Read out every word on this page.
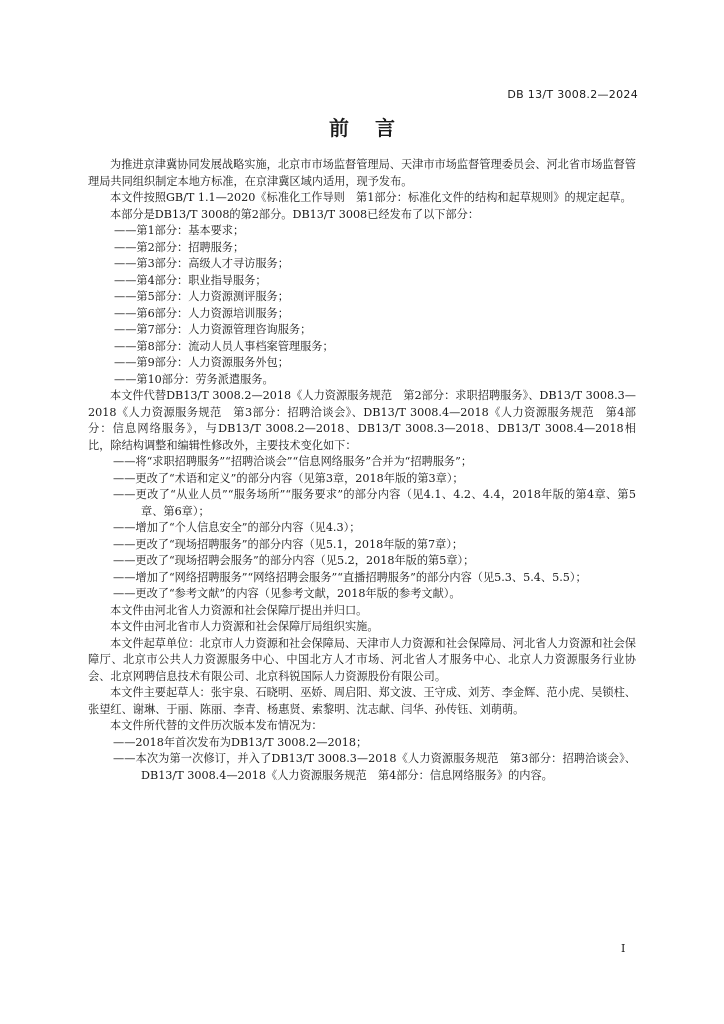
DB 13/T 3008.2—2024
前言
为推进京津冀协同发展战略实施，北京市市场监督管理局、天津市市场监督管理委员会、河北省市场监督管理局共同组织制定本地方标准，在京津冀区域内适用，现予发布。
本文件按照GB/T 1.1—2020《标准化工作导则　第1部分：标准化文件的结构和起草规则》的规定起草。
本部分是DB13/T 3008的第2部分。DB13/T 3008已经发布了以下部分：
——第1部分：基本要求；
——第2部分：招聘服务；
——第3部分：高级人才寻访服务；
——第4部分：职业指导服务；
——第5部分：人力资源测评服务；
——第6部分：人力资源培训服务；
——第7部分：人力资源管理咨询服务；
——第8部分：流动人员人事档案管理服务；
——第9部分：人力资源服务外包；
——第10部分：劳务派遣服务。
本文件代替DB13/T 3008.2—2018《人力资源服务规范　第2部分：求职招聘服务》、DB13/T 3008.3—2018《人力资源服务规范　第3部分：招聘洽谈会》、DB13/T 3008.4—2018《人力资源服务规范　第4部分：信息网络服务》，与DB13/T 3008.2—2018、DB13/T 3008.3—2018、DB13/T 3008.4—2018相比，除结构调整和编辑性修改外，主要技术变化如下：
——将“求职招聘服务”“招聘洽谈会”“信息网络服务”合并为“招聘服务”；
——更改了“术语和定义”的部分内容（见第3章，2018年版的第3章）；
——更改了“从业人员”“服务场所”“服务要求”的部分内容（见4.1、4.2、4.4，2018年版的第4章、第5章、第6章）；
——增加了“个人信息安全”的部分内容（见4.3）；
——更改了“现场招聘服务”的部分内容（见5.1，2018年版的第7章）；
——更改了“现场招聘会服务”的部分内容（见5.2，2018年版的第5章）；
——增加了“网络招聘服务”“网络招聘会服务”“直播招聘服务”的部分内容（见5.3、5.4、5.5）；
——更改了“参考文献”的内容（见参考文献，2018年版的参考文献）。
本文件由河北省人力资源和社会保障厅提出并归口。
本文件由河北省市人力资源和社会保障厅局组织实施。
本文件起草单位：北京市人力资源和社会保障局、天津市人力资源和社会保障局、河北省人力资源和社会保障厅、北京市公共人力资源服务中心、中国北方人才市场、河北省人才服务中心、北京人力资源服务行业协会、北京网聘信息技术有限公司、北京科锐国际人力资源股份有限公司。
本文件主要起草人：张宇泉、石晓明、巫娇、周启阳、郑文波、王守成、刘芳、李金辉、范小虎、吴锁柱、张望红、谢琳、于丽、陈丽、李青、杨惠贤、索黎明、沈志献、闫华、孙传钰、刘萌萌。
本文件所代替的文件历次版本发布情况为：
——2018年首次发布为DB13/T 3008.2—2018；
——本次为第一次修订，并入了DB13/T 3008.3—2018《人力资源服务规范　第3部分：招聘洽谈会》、DB13/T 3008.4—2018《人力资源服务规范　第4部分：信息网络服务》的内容。
I
